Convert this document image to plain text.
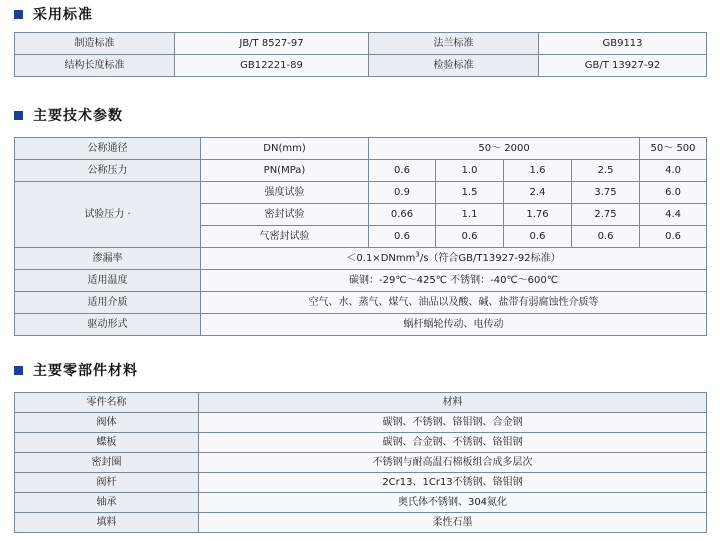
采用标准
制造标准	JB/T 8527-97	法兰标准	GB9113
结构长度标准	GB12221-89	检验标准	GB/T 13927-92
主要技术参数
公称通径	DN(mm)	50～ 2000				50～ 500
公称压力	PN(MPa)	0.6	1.0	1.6	2.5	4.0
试验压力 ·	强度试验	0.9	1.5	2.4	3.75	6.0
	密封试验	0.66	1.1	1.76	2.75	4.4
	气密封试验	0.6	0.6	0.6	0.6	0.6
渗漏率	＜0.1×DNmm$^3$/s（符合GB/T13927-92标准）					
适用温度	碳钢：-29℃～425℃ 不锈钢：-40℃～600℃					
适用介质	空气、水、蒸气、煤气、油品以及酸、碱、盐带有弱腐蚀性介质等					
驱动形式	蜗杆蜗轮传动、电传动					
主要零部件材料
零件名称	材料
阀体	碳钢、不锈钢、铬钼钢、合金钢
蝶板	碳钢、合金钢、不锈钢、铬钼钢
密封圈	不锈钢与耐高温石棉板组合成多层次
阀杆	2Cr13、1Cr13不锈钢、铬钼钢
轴承	奥氏体不锈钢、304氮化
填料	柔性石墨
